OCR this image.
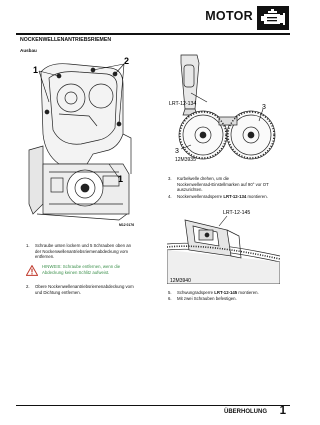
MOTOR
NOCKENWELLENANTRIEBSRIEMEN
Ausbau
1
2
1
M12 0176
LRT-12-134	3
3
12M3935
LRT-12-145
12M3940
1. Schraube unten lockern und 5 Schrauben oben an
der Nockenwellenantriebsriemenabdeckung vom
entfernen.
HINWEIS: Schraube entfernen, wenn die
Abdeckung keinen Schlitz aufweist.
2. Obere Nockenwellenantriebsriemenabdeckung vom
und Dichtung entfernen.
3. Kurbelwelle drehen, um die
Nockenwellenrad-Einstellmarken auf 90° vor OT
auszurichten.
4. Nockenwellenradsperre LRT-12-134 montieren.
5. Schwungradsperre LRT-12-145 montieren.
6. Mit zwei Schrauben befestigen.
ÜBERHOLUNG 1
